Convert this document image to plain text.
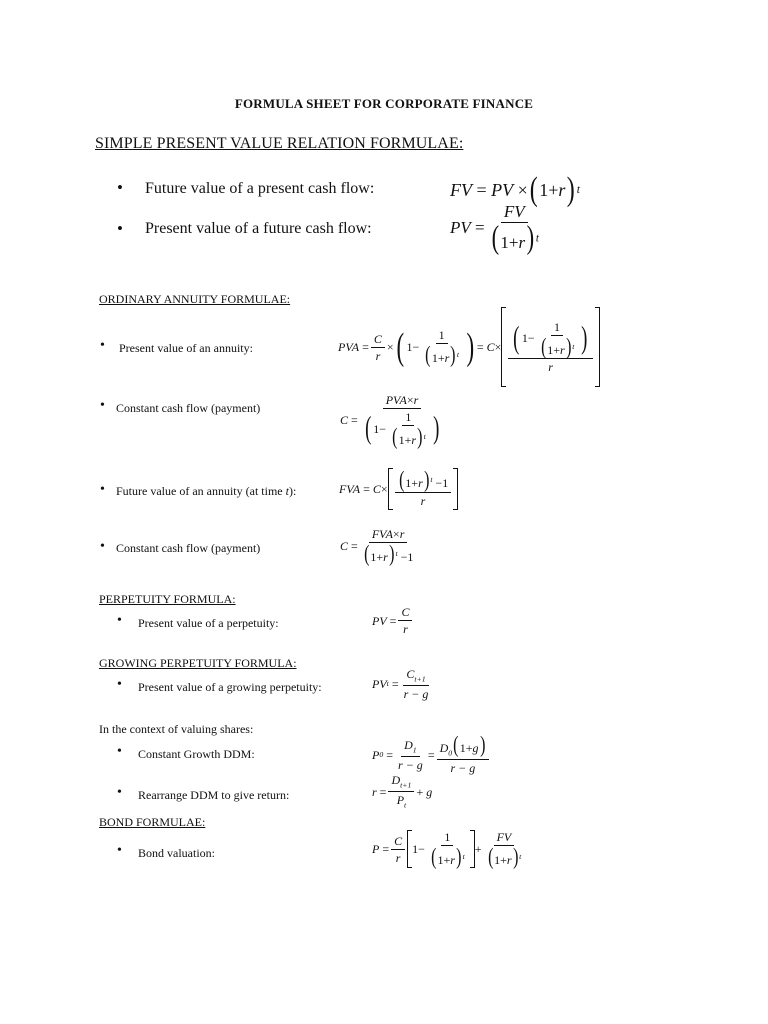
FORMULA SHEET FOR CORPORATE FINANCE
SIMPLE PRESENT VALUE RELATION FORMULAE:
• Future value of a present cash flow:	FV = PV × ( 1+ r ) t
• Present value of a future cash flow:	PV = $\frac{FV}{(1+r) ^t}$
ORDINARY ANNUITY FORMULAE:
• Present value of an annuity:	PVA = $\frac{C}{r}$ × ( $1- \frac{1}{(1+r)^t}$ ) = $C \times \frac{( 1- \frac{1}{(1+r)^t} )}{r}$
• Constant cash flow (payment)
$C = \frac{\text{PVA×r}}{( 1- \frac{1}{(1+r)^t} )}$
• Future value of an annuity (at time t):	FVA = $C \times \frac{(1+r)^t -1}{r}$
• Constant cash flow (payment)	$C = \frac{\text{FVA×r}}{(1+r)^t -1}$
PERPETUITY FORMULA:
• Present value of a perpetuity:	PV = $\frac{C}{r}$
GROWING PERPETUITY FORMULA:
• Present value of a growing perpetuity:	PV t
= $\frac{C_{t+1}}{r - g}$
In the context of valuing shares:
• Constant Growth DDM:	P 0
= $\frac{D_1}{r - g} = \frac{D_0(1+g)}{r - g}$
• Rearrange DDM to give return:	$r = \frac{D_{t+1}}{P_t} + g$
BOND FORMULAE:
• Bond valuation:	$P = \frac{C}{r} 1- \frac{1}{(1+r)^t} + \frac{FV}{(1+r)^t}$
